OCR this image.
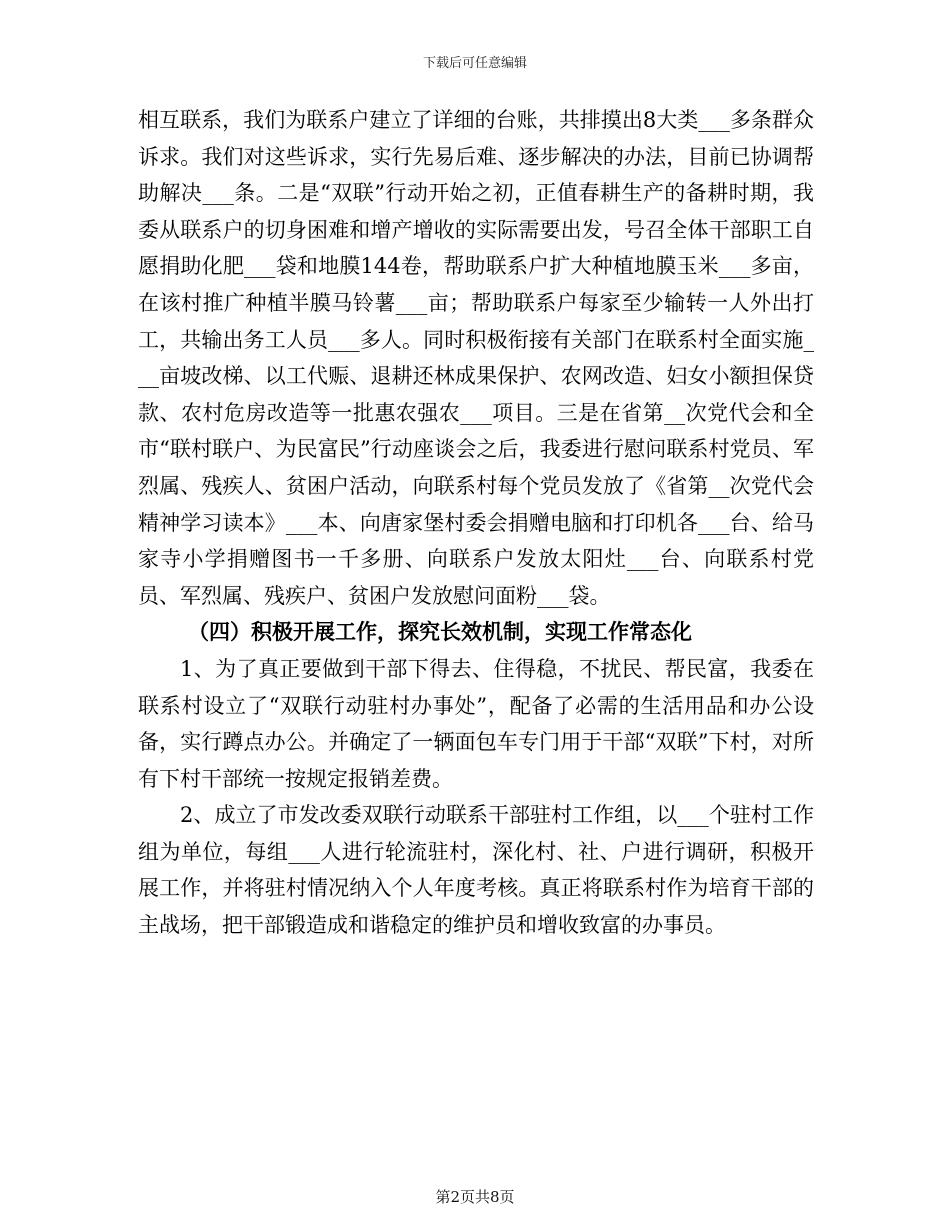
下载后可任意编辑

相互联系，我们为联系户建立了详细的台账，共排摸出8大类___多条群众诉求。我们对这些诉求，实行先易后难、逐步解决的办法，目前已协调帮助解决___条。二是“双联”行动开始之初，正值春耕生产的备耕时期，我委从联系户的切身困难和增产增收的实际需要出发，号召全体干部职工自愿捐助化肥___袋和地膜144卷，帮助联系户扩大种植地膜玉米___多亩，在该村推广种植半膜马铃薯___亩；帮助联系户每家至少输转一人外出打工，共输出务工人员___多人。同时积极衔接有关部门在联系村全面实施___亩坡改梯、以工代赈、退耕还林成果保护、农网改造、妇女小额担保贷款、农村危房改造等一批惠农强农___项目。三是在省第__次党代会和全市“联村联户、为民富民”行动座谈会之后，我委进行慰问联系村党员、军烈属、残疾人、贫困户活动，向联系村每个党员发放了《省第__次党代会精神学习读本》___本、向唐家堡村委会捐赠电脑和打印机各___台、给马家寺小学捐赠图书一千多册、向联系户发放太阳灶___台、向联系村党员、军烈属、残疾户、贫困户发放慰问面粉___袋。

（四）积极开展工作，探究长效机制，实现工作常态化

1、为了真正要做到干部下得去、住得稳，不扰民、帮民富，我委在联系村设立了“双联行动驻村办事处”，配备了必需的生活用品和办公设备，实行蹲点办公。并确定了一辆面包车专门用于干部“双联”下村，对所有下村干部统一按规定报销差费。

2、成立了市发改委双联行动联系干部驻村工作组，以___个驻村工作组为单位，每组___人进行轮流驻村，深化村、社、户进行调研，积极开展工作，并将驻村情况纳入个人年度考核。真正将联系村作为培育干部的主战场，把干部锻造成和谐稳定的维护员和增收致富的办事员。

第2页共8页
